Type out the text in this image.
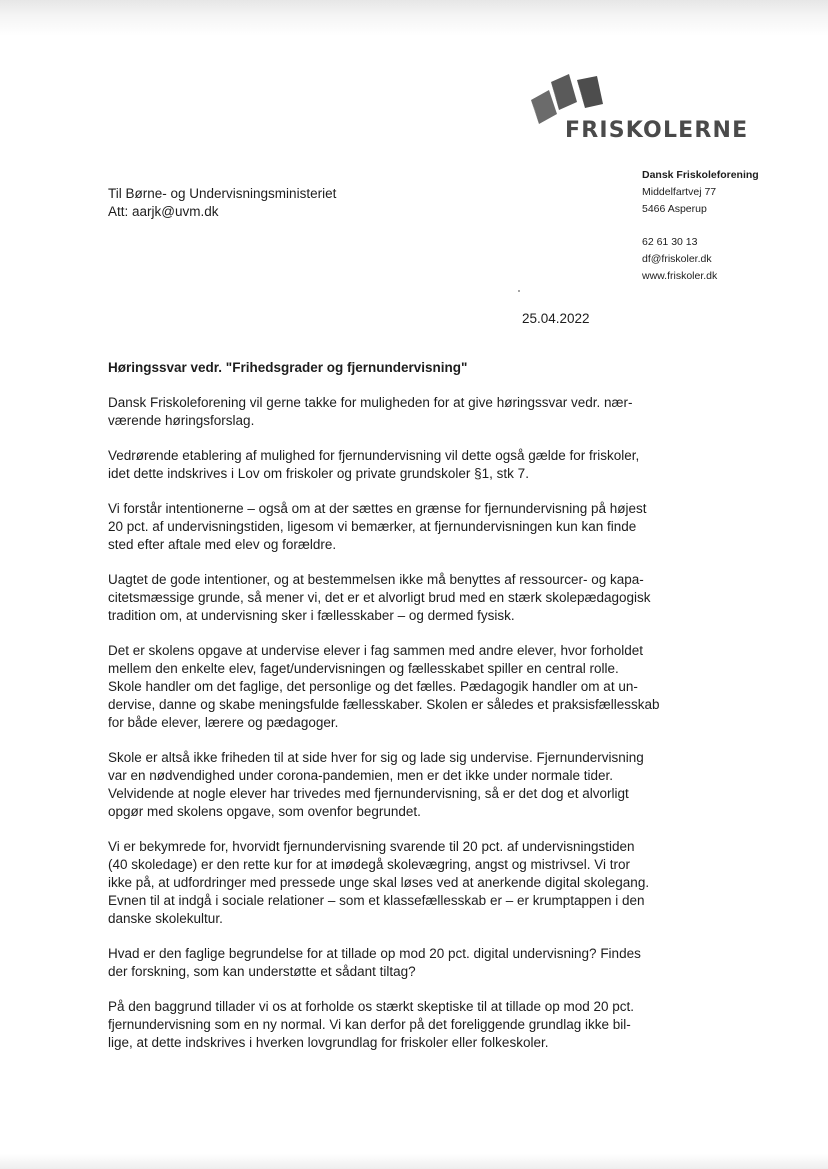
FRISKOLERNE
Dansk Friskoleforening
Middelfartvej 77
5466 Asperup
Til Børne- og Undervisningsministeriet
Att: aarjk@uvm.dk
62 61 30 13
df@friskoler.dk
www.friskoler.dk
25.04.2022
Høringssvar vedr. "Frihedsgrader og fjernundervisning"

Dansk Friskoleforening vil gerne takke for muligheden for at give høringssvar vedr. nær-
værende høringsforslag.

Vedrørende etablering af mulighed for fjernundervisning vil dette også gælde for friskoler,
idet dette indskrives i Lov om friskoler og private grundskoler §1, stk 7.

Vi forstår intentionerne – også om at der sættes en grænse for fjernundervisning på højest
20 pct. af undervisningstiden, ligesom vi bemærker, at fjernundervisningen kun kan finde
sted efter aftale med elev og forældre.

Uagtet de gode intentioner, og at bestemmelsen ikke må benyttes af ressourcer- og kapa-
citetsmæssige grunde, så mener vi, det er et alvorligt brud med en stærk skolepædagogisk
tradition om, at undervisning sker i fællesskaber – og dermed fysisk.

Det er skolens opgave at undervise elever i fag sammen med andre elever, hvor forholdet
mellem den enkelte elev, faget/undervisningen og fællesskabet spiller en central rolle.
Skole handler om det faglige, det personlige og det fælles. Pædagogik handler om at un-
dervise, danne og skabe meningsfulde fællesskaber. Skolen er således et praksisfællesskab
for både elever, lærere og pædagoger.

Skole er altså ikke friheden til at side hver for sig og lade sig undervise. Fjernundervisning
var en nødvendighed under corona-pandemien, men er det ikke under normale tider.
Velvidende at nogle elever har trivedes med fjernundervisning, så er det dog et alvorligt
opgør med skolens opgave, som ovenfor begrundet.

Vi er bekymrede for, hvorvidt fjernundervisning svarende til 20 pct. af undervisningstiden
(40 skoledage) er den rette kur for at imødegå skolevægring, angst og mistrivsel. Vi tror
ikke på, at udfordringer med pressede unge skal løses ved at anerkende digital skolegang.
Evnen til at indgå i sociale relationer – som et klassefællesskab er – er krumptappen i den
danske skolekultur.

Hvad er den faglige begrundelse for at tillade op mod 20 pct. digital undervisning? Findes
der forskning, som kan understøtte et sådant tiltag?

På den baggrund tillader vi os at forholde os stærkt skeptiske til at tillade op mod 20 pct.
fjernundervisning som en ny normal. Vi kan derfor på det foreliggende grundlag ikke bil-
lige, at dette indskrives i hverken lovgrundlag for friskoler eller folkeskoler.
